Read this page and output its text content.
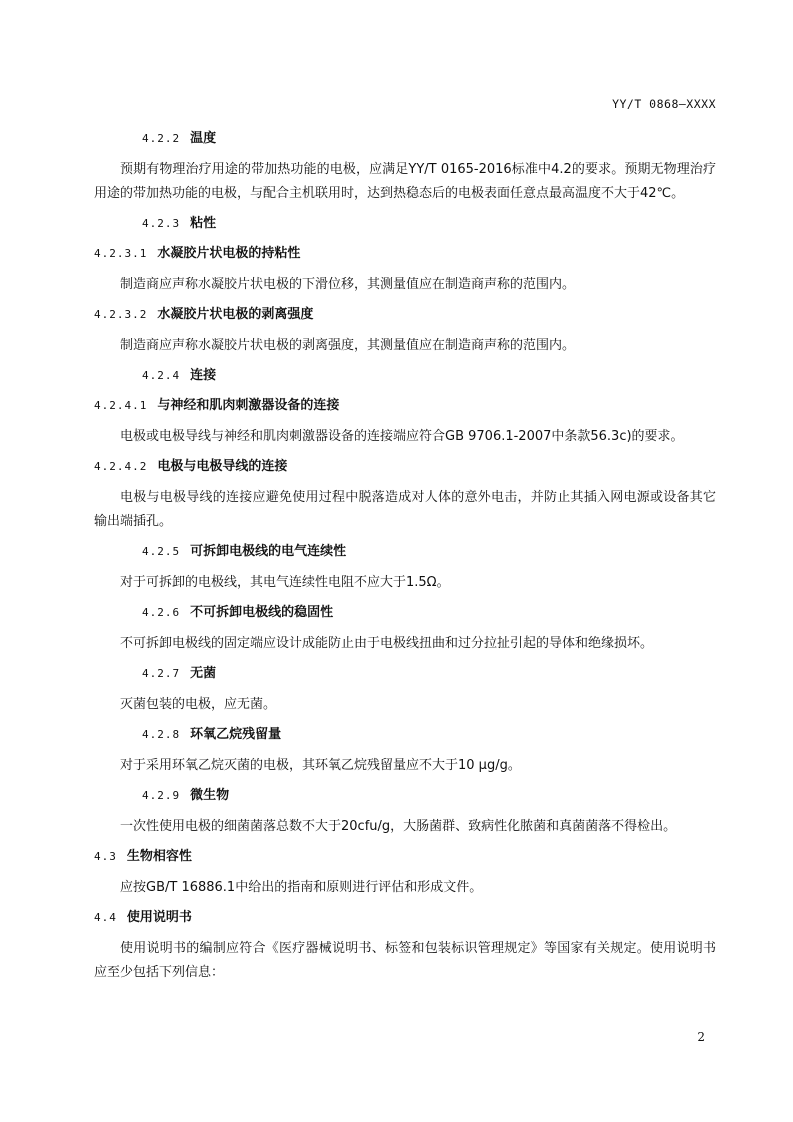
YY/T 0868—XXXX
4.2.2 温度
预期有物理治疗用途的带加热功能的电极，应满足YY/T 0165-2016标准中4.2的要求。预期无物理治疗用途的带加热功能的电极，与配合主机联用时，达到热稳态后的电极表面任意点最高温度不大于42℃。
4.2.3 粘性
4.2.3.1 水凝胶片状电极的持粘性
制造商应声称水凝胶片状电极的下滑位移，其测量值应在制造商声称的范围内。
4.2.3.2 水凝胶片状电极的剥离强度
制造商应声称水凝胶片状电极的剥离强度，其测量值应在制造商声称的范围内。
4.2.4 连接
4.2.4.1 与神经和肌肉刺激器设备的连接
电极或电极导线与神经和肌肉刺激器设备的连接端应符合GB 9706.1-2007中条款56.3c)的要求。
4.2.4.2 电极与电极导线的连接
电极与电极导线的连接应避免使用过程中脱落造成对人体的意外电击，并防止其插入网电源或设备其它输出端插孔。
4.2.5 可拆卸电极线的电气连续性
对于可拆卸的电极线，其电气连续性电阻不应大于1.5Ω。
4.2.6 不可拆卸电极线的稳固性
不可拆卸电极线的固定端应设计成能防止由于电极线扭曲和过分拉扯引起的导体和绝缘损坏。
4.2.7 无菌
灭菌包装的电极，应无菌。
4.2.8 环氧乙烷残留量
对于采用环氧乙烷灭菌的电极，其环氧乙烷残留量应不大于10 μg/g。
4.2.9 微生物
一次性使用电极的细菌菌落总数不大于20cfu/g，大肠菌群、致病性化脓菌和真菌菌落不得检出。
4.3 生物相容性
应按GB/T 16886.1中给出的指南和原则进行评估和形成文件。
4.4 使用说明书
使用说明书的编制应符合《医疗器械说明书、标签和包装标识管理规定》等国家有关规定。使用说明书应至少包括下列信息：
2
